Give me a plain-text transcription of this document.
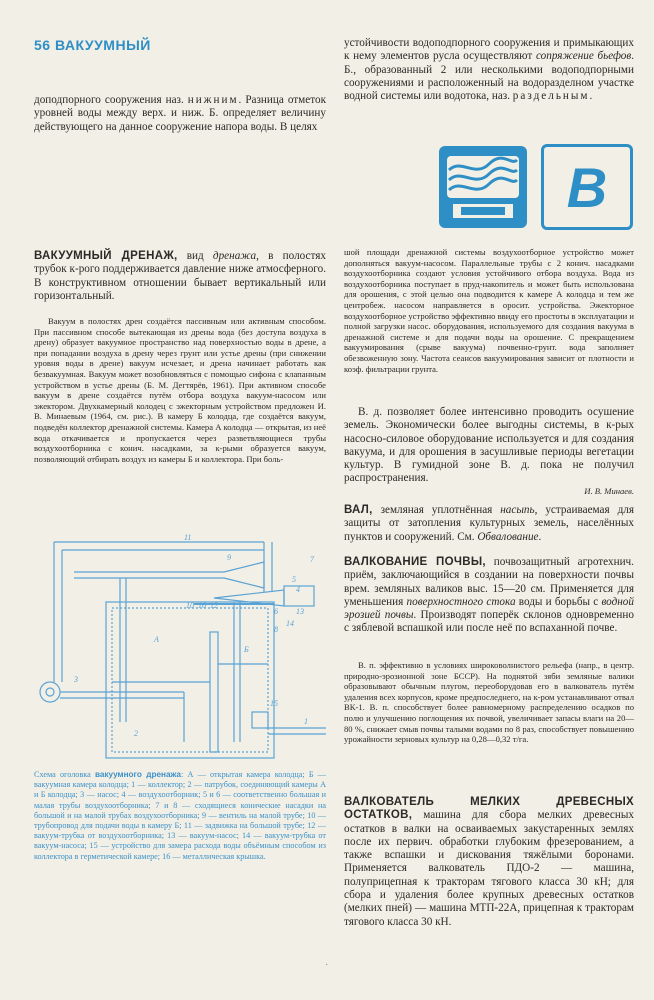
56 ВАКУУМНЫЙ
доподпорного сооружения наз. нижним. Разница отметок уровней воды между верх. и ниж. Б. определяет величину действующего на данное сооружение напора воды. В целях
устойчивости водоподпорного сооружения и примыкающих к нему элементов русла осуществляют сопряжение бьефов. Б., образованный 2 или несколькими водоподпорными сооружениями и расположенный на водоразделном участке водной системы или водотока, наз. раздельным.
В
ВАКУУМНЫЙ ДРЕНАЖ, вид дренажа, в полостях трубок к-рого поддерживается давление ниже атмосферного. В конструктивном отношении бывает вертикальный или горизонтальный.
Вакуум в полостях дрен создаётся пассивным или активным способом. При пассивном способе вытекающая из дрены вода (без доступа воздуха в дрену) образует вакуумное пространство над поверхностью воды в дрене, а при попадании воздуха в дрену через грунт или устье дрены (при снижении уровня воды в дрене) вакуум исчезает, и дрена начинает работать как безвакуумная. Вакуум может возобновляться с помощью сифона с клапанным устройством в устье дрены (Б. М. Дегтярёв, 1961). При активном способе вакуум в дрене создаётся путём отбора воздуха вакуум-насосом или эжектором. Двухкамерный колодец с эжекторным устройством предложен И. В. Минаевым (1964, см. рис.). В камеру Б колодца, где создаётся вакуум, подведён коллектор дренажной системы. Камера А колодца — открытая, из неё вода откачивается и пропускается через разветвляющиеся трубы воздухоотборника с конич. насадками, за к-рыми образуется вакуум, позволяющий отбирать воздух из камеры Б и коллектора. При боль-
шой площади дренажной системы воздухоотборное устройство может дополняться вакуум-насосом. Параллельные трубы с 2 конич. насадками воздухоотборника создают условия устойчивого отбора воздуха. Вода из воздухоотборника поступает в пруд-накопитель и может быть использована для орошения, с этой целью она подводится к камере А колодца и тем же центробеж. насосом направляется в оросит. устройства. Эжекторное воздухоотборное устройство эффективно ввиду его простоты в эксплуатации и полной загрузки насос. оборудования, используемого для создания вакуума в дренажной системе и для подачи воды на орошение. С прекращением вакуумирования (срыве вакуума) почвенно-грунт. вода заполняет обезвоженную зону. Частота сеансов вакуумирования зависит от плотности и коэф. фильтрации грунта.

В. д. позволяет более интенсивно проводить осушение земель. Экономически более выгодны системы, в к-рых насосно-силовое оборудование используется и для создания вакуума, и для орошения в засушливые периоды вегетации культур. В гумидной зоне В. д. пока не получил распространения.

И. В. Минаев.
ВАЛ, земляная уплотнённая насыпь, устраиваемая для защиты от затопления культурных земель, населённых пунктов и сооружений. См. Обвалование.
ВАЛКОВАНИЕ ПОЧВЫ, почвозащитный агротехнич. приём, заключающийся в создании на поверхности почвы врем. земляных валиков выс. 15—20 см. Применяется для уменьшения поверхностного стока воды и борьбы с водной эрозией почвы. Производят поперёк склонов одновременно с зяблевой вспашкой или после неё по вспаханной почве.
В. п. эффективно в условиях широковолнистого рельефа (напр., в центр. природно-эрозионной зоне БССР). На поднятой зяби земляные валики образовывают обычным плугом, переоборудовав его в валкователь путём удаления всех корпусов, кроме предпоследнего, на к-ром устанавливают отвал ВК-1. В. п. способствует более равномерному распределению осадков по полю и улучшению поглощения их почвой, увеличивает запасы влаги на 20—80 %, снижает смыв почвы талыми водами по 8 раз, способствует повышению урожайности зерновых культур на 0,28—0,32 т/га.
ВАЛКОВАТЕЛЬ МЕЛКИХ ДРЕВЕСНЫХ ОСТАТКОВ, машина для сбора мелких древесных остатков в валки на осваиваемых закустаренных землях после их первич. обработки глубоким фрезерованием, а также вспашки и дискования тяжёлыми боронами. Применяется валкователь ПДО-2 — машина, полуприцепная к тракторам тягового класса 30 кН; для сбора и удаления более крупных древесных остатков (мелких пней) — машина МТП-22А, прицепная к тракторам тягового класса 30 кН.
11
7
9
10 16 12
6
5
3
8
А
Б
15
1
2
4
13
14
Схема оголовка вакуумного дренажа: А — открытая камера колодца; Б — вакуумная камера колодца; 1 — коллектор; 2 — патрубок, соединяющий камеры А и Б колодца; 3 — насос; 4 — воздухоотборник; 5 и 6 — соответственно большая и малая трубы воздухоотборника; 7 и 8 — сходящиеся конические насадки на большой и на малой трубах воздухоотборника; 9 — вентиль на малой трубе; 10 — трубопровод для подачи воды в камеру Б; 11 — задвижка на большой трубе; 12 — вакуум-трубка от воздухоотборника; 13 — вакуум-насос; 14 — вакуум-трубка от вакуум-насоса; 15 — устройство для замера расхода воды объёмным способом из коллектора в герметической камере; 16 — металлическая крышка.
·
